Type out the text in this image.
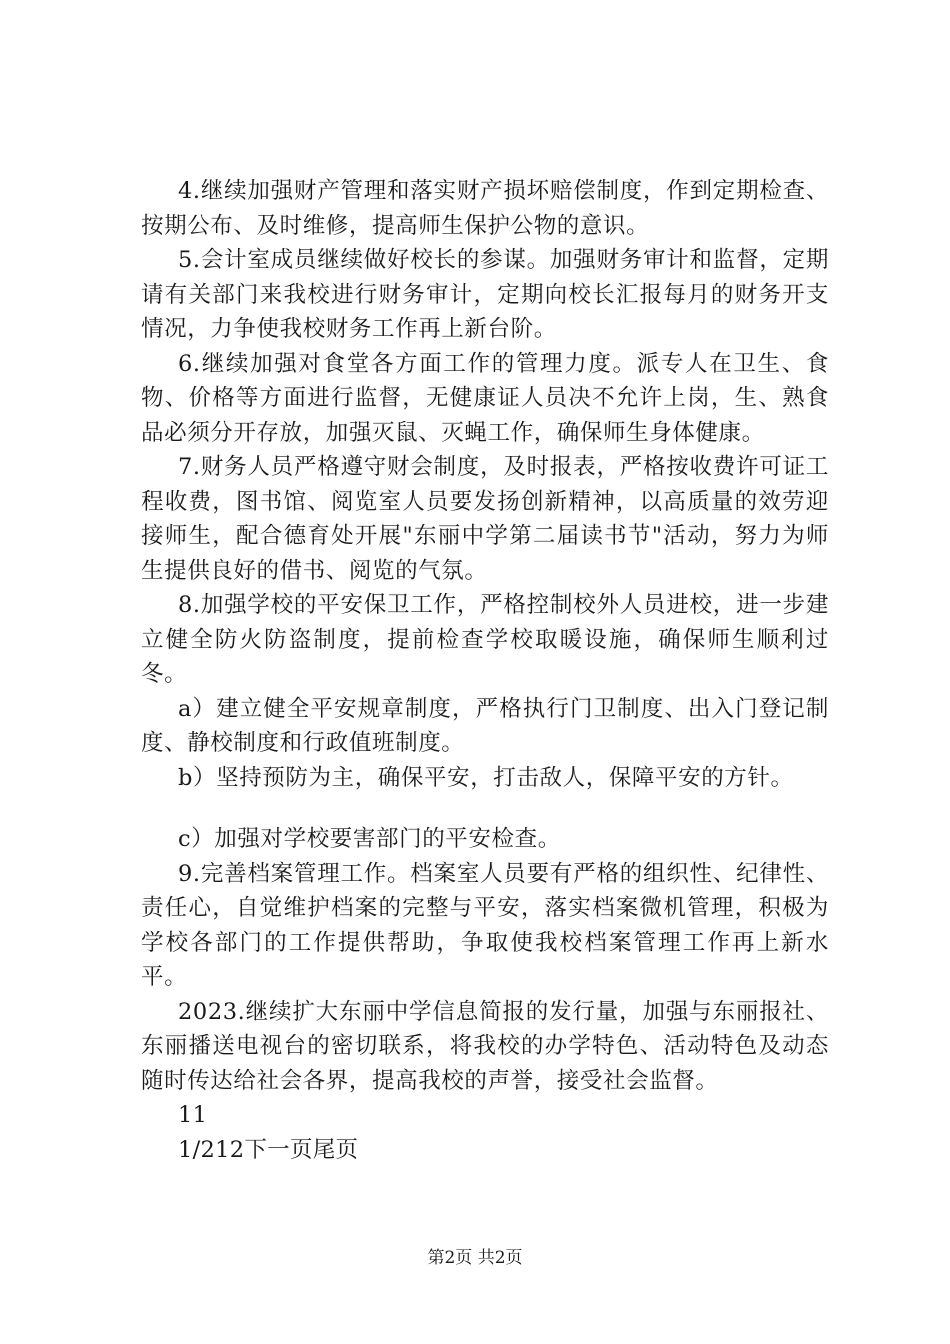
4.继续加强财产管理和落实财产损坏赔偿制度，作到定期检查、按期公布、及时维修，提高师生保护公物的意识。

5.会计室成员继续做好校长的参谋。加强财务审计和监督，定期请有关部门来我校进行财务审计，定期向校长汇报每月的财务开支情况，力争使我校财务工作再上新台阶。

6.继续加强对食堂各方面工作的管理力度。派专人在卫生、食物、价格等方面进行监督，无健康证人员决不允许上岗，生、熟食品必须分开存放，加强灭鼠、灭蝇工作，确保师生身体健康。

7.财务人员严格遵守财会制度，及时报表，严格按收费许可证工程收费，图书馆、阅览室人员要发扬创新精神，以高质量的效劳迎接师生，配合德育处开展"东丽中学第二届读书节"活动，努力为师生提供良好的借书、阅览的气氛。

8.加强学校的平安保卫工作，严格控制校外人员进校，进一步建立健全防火防盗制度，提前检查学校取暖设施，确保师生顺利过冬。

a）建立健全平安规章制度，严格执行门卫制度、出入门登记制度、静校制度和行政值班制度。

b）坚持预防为主，确保平安，打击敌人，保障平安的方针。

c）加强对学校要害部门的平安检查。

9.完善档案管理工作。档案室人员要有严格的组织性、纪律性、责任心，自觉维护档案的完整与平安，落实档案微机管理，积极为学校各部门的工作提供帮助，争取使我校档案管理工作再上新水平。

2023.继续扩大东丽中学信息简报的发行量，加强与东丽报社、东丽播送电视台的密切联系，将我校的办学特色、活动特色及动态随时传达给社会各界，提高我校的声誉，接受社会监督。

11

1/212下一页尾页

第2页 共2页
